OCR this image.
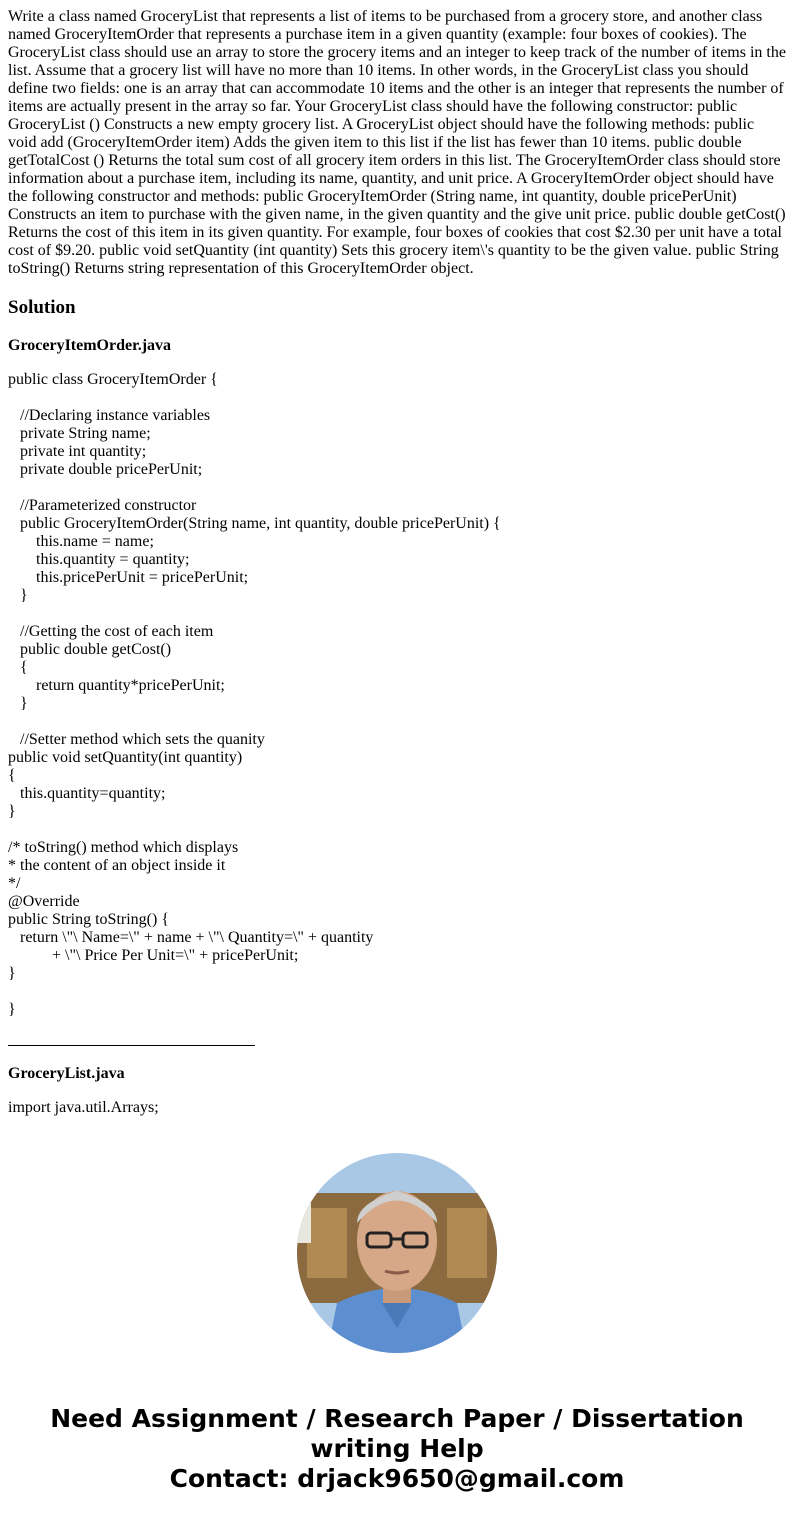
Write a class named GroceryList that represents a list of items to be purchased from a grocery store, and another class named GroceryItemOrder that represents a purchase item in a given quantity (example: four boxes of cookies). The GroceryList class should use an array to store the grocery items and an integer to keep track of the number of items in the list. Assume that a grocery list will have no more than 10 items. In other words, in the GroceryList class you should define two fields: one is an array that can accommodate 10 items and the other is an integer that represents the number of items are actually present in the array so far. Your GroceryList class should have the following constructor: public GroceryList () Constructs a new empty grocery list. A GroceryList object should have the following methods: public void add (GroceryItemOrder item) Adds the given item to this list if the list has fewer than 10 items. public double getTotalCost () Returns the total sum cost of all grocery item orders in this list. The GroceryItemOrder class should store information about a purchase item, including its name, quantity, and unit price. A GroceryItemOrder object should have the following constructor and methods: public GroceryItemOrder (String name, int quantity, double pricePerUnit) Constructs an item to purchase with the given name, in the given quantity and the give unit price. public double getCost() Returns the cost of this item in its given quantity. For example, four boxes of cookies that cost $2.30 per unit have a total cost of $9.20. public void setQuantity (int quantity) Sets this grocery item\'s quantity to be the given value. public String toString() Returns string representation of this GroceryItemOrder object.
Solution
GroceryItemOrder.java
public class GroceryItemOrder {
//Declaring instance variables
private String name;
private int quantity;
private double pricePerUnit;
//Parameterized constructor
public GroceryItemOrder(String name, int quantity, double pricePerUnit) {
this.name = name;
this.quantity = quantity;
this.pricePerUnit = pricePerUnit;
}
//Getting the cost of each item
public double getCost()
{
return quantity*pricePerUnit;
}
//Setter method which sets the quanity
public void setQuantity(int quantity)
{
this.quantity=quantity;
}
/* toString() method which displays
* the content of an object inside it
*/
@Override
public String toString() {
return \"\ Name=\" + name + \"\ Quantity=\" + quantity
+ \"\ Price Per Unit=\" + pricePerUnit;
}
}
GroceryList.java
import java.util.Arrays;
Need Assignment / Research Paper / Dissertation
writing Help
Contact: drjack9650@gmail.com
